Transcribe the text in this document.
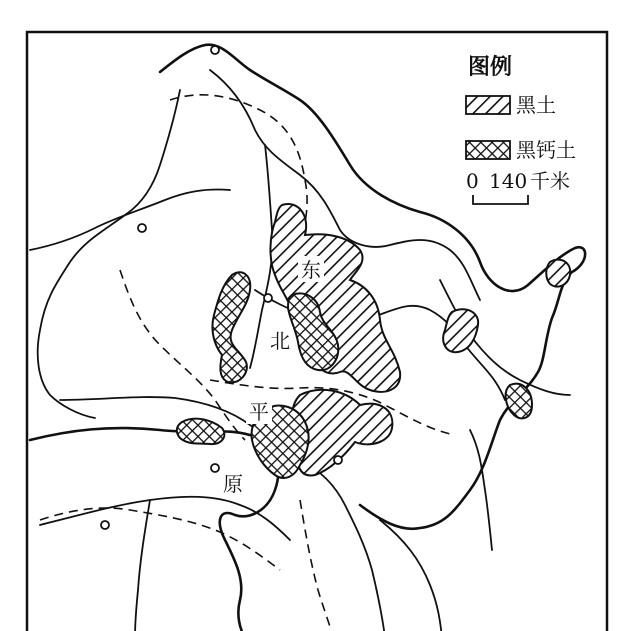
东
北
平
原
图例
黑土
黑钙土
0 140 千米
